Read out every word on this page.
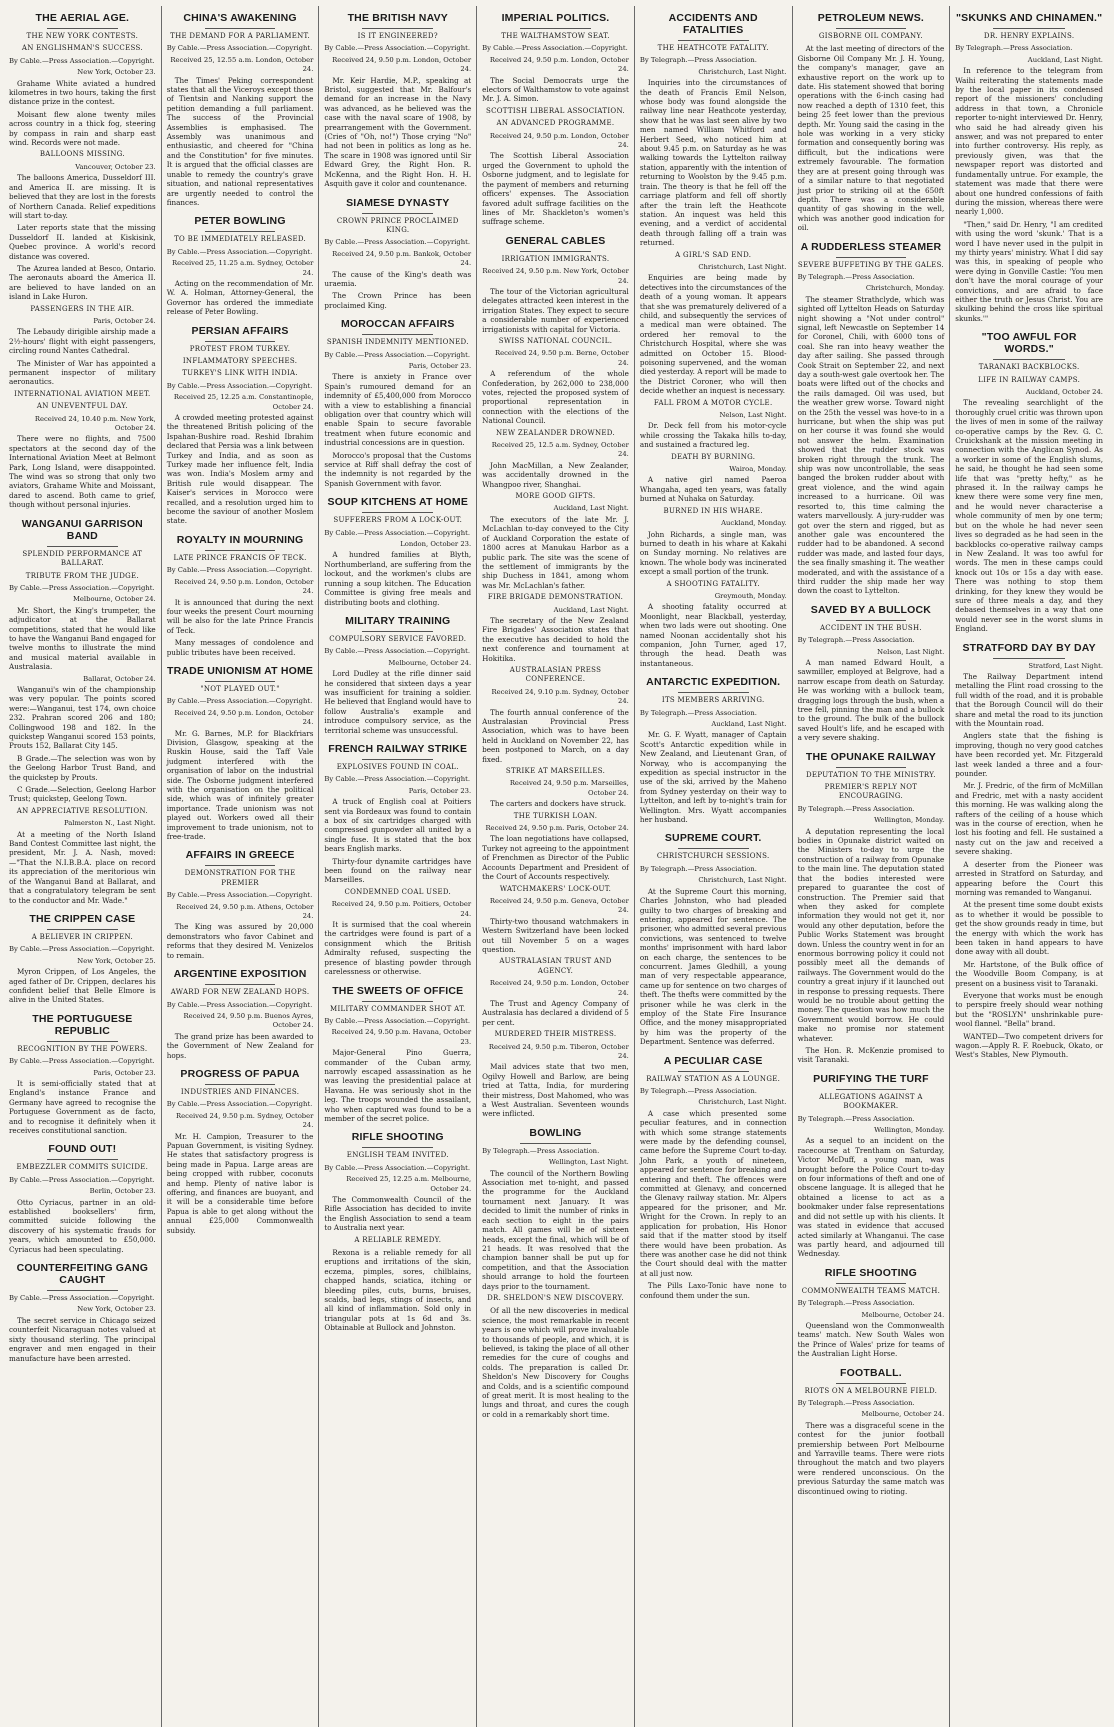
THE AERIAL AGE.
THE NEW YORK CONTESTS.
AN ENGLISHMAN'S SUCCESS.
By Cable.—Press Association.—Copyright.
New York, October 23.

Grahame White aviated a hundred kilometres in two hours, taking the first distance prize in the contest.

Moisant flew alone twenty miles across country in a thick fog, steering by compass in rain and sharp east wind. Records were not made.

BALLOONS MISSING.
Vancouver, October 23.

The balloons America, Dusseldorf III. and America II. are missing. It is believed that they are lost in the forests of Northern Canada. Relief expeditions will start to-day.

Later reports state that the missing Dusseldorf II. landed at Kiskisink, Quebec province. A world's record distance was covered.

The Azurea landed at Besco, Ontario. The aeronauts aboard the America II. are believed to have landed on an island in Lake Huron.

PASSENGERS IN THE AIR.
Paris, October 24.

The Lebaudy dirigible airship made a 2½-hours' flight with eight passengers, circling round Nantes Cathedral.

The Minister of War has appointed a permanent inspector of military aeronautics.

INTERNATIONAL AVIATION MEET.
AN UNEVENTFUL DAY.
Received 24, 10.40 p.m. New York, October 24.

There were no flights, and 7500 spectators at the second day of the International Aviation Meet at Belmont Park, Long Island, were disappointed. The wind was so strong that only two aviators, Grahame White and Moissant, dared to ascend. Both came to grief, though without personal injuries.

WANGANUI GARRISON BAND
SPLENDID PERFORMANCE AT BALLARAT.
TRIBUTE FROM THE JUDGE.
By Cable.—Press Association.—Copyright.
Melbourne, October 24.

Mr. Short, the King's trumpeter, the adjudicator at the Ballarat competitions, stated that he would like to have the Wanganui Band engaged for twelve months to illustrate the mind and musical material available in Australasia.

Ballarat, October 24.

Wanganui's win of the championship was very popular. The points scored were:—Wanganui, test 174, own choice 232. Prahran scored 206 and 180; Collingwood 198 and 182. In the quickstep Wanganui scored 153 points, Prouts 152, Ballarat City 145.

B Grade.—The selection was won by the Geelong Harbor Trust Band, and the quickstep by Prouts.

C Grade.—Selection, Geelong Harbor Trust; quickstep, Geelong Town.

AN APPRECIATIVE RESOLUTION.
Palmerston N., Last Night.

At a meeting of the North Island Band Contest Committee last night, the president, Mr. J. A. Nash, moved:—"That the N.I.B.B.A. place on record its appreciation of the meritorious win of the Wanganui Band at Ballarat, and that a congratulatory telegram be sent to the conductor and Mr. Wade."

THE CRIPPEN CASE
A BELIEVER IN CRIPPEN.
By Cable.—Press Association.—Copyright.
New York, October 25.

Myron Crippen, of Los Angeles, the aged father of Dr. Crippen, declares his confident belief that Belle Elmore is alive in the United States.

THE PORTUGUESE REPUBLIC
RECOGNITION BY THE POWERS.
By Cable.—Press Association.—Copyright.
Paris, October 23.

It is semi-officially stated that at England's instance France and Germany have agreed to recognise the Portuguese Government as de facto, and to recognise it definitely when it receives constitutional sanction.

FOUND OUT!
EMBEZZLER COMMITS SUICIDE.
By Cable.—Press Association.—Copyright.
Berlin, October 23.

Otto Cyriacus, partner in an old-established booksellers' firm, committed suicide following the discovery of his systematic frauds for years, which amounted to £50,000. Cyriacus had been speculating.

COUNTERFEITING GANG CAUGHT
By Cable.—Press Association.—Copyright.
New York, October 23.

The secret service in Chicago seized counterfeit Nicaraguan notes valued at sixty thousand sterling. The principal engraver and men engaged in their manufacture have been arrested.

CHINA'S AWAKENING
THE DEMAND FOR A PARLIAMENT.
By Cable.—Press Association.—Copyright.
Received 25, 12.55 a.m. London, October 24.

The Times' Peking correspondent states that all the Viceroys except those of Tientsin and Nanking support the petition demanding a full parliament. The success of the Provincial Assemblies is emphasised. The Assembly was unanimous and enthusiastic, and cheered for "China and the Constitution" for five minutes. It is argued that the official classes are unable to remedy the country's grave situation, and national representatives are urgently needed to control the finances.

PETER BOWLING
TO BE IMMEDIATELY RELEASED.
By Cable.—Press Association.—Copyright.
Received 25, 11.25 a.m. Sydney, October 24.

Acting on the recommendation of Mr. W. A. Holman, Attorney-General, the Governor has ordered the immediate release of Peter Bowling.

PERSIAN AFFAIRS
PROTEST FROM TURKEY.
INFLAMMATORY SPEECHES.
TURKEY'S LINK WITH INDIA.
By Cable.—Press Association.—Copyright.
Received 25, 12.25 a.m. Constantinople, October 24.

A crowded meeting protested against the threatened British policing of the Ispahan-Bushire road. Reshid Ibrahim declared that Persia was a link between Turkey and India, and as soon as Turkey made her influence felt, India was won. India's Moslem army and British rule would disappear. The Kaiser's services in Morocco were recalled, and a resolution urged him to become the saviour of another Moslem state.

ROYALTY IN MOURNING
LATE PRINCE FRANCIS OF TECK.
By Cable.—Press Association.—Copyright.
Received 24, 9.50 p.m. London, October 24.

It is announced that during the next four weeks the present Court mourning will be also for the late Prince Francis of Teck.

Many messages of condolence and public tributes have been received.

TRADE UNIONISM AT HOME
"NOT PLAYED OUT."
By Cable.—Press Association.—Copyright.
Received 24, 9.50 p.m. London, October 24.

Mr. G. Barnes, M.P. for Blackfriars Division, Glasgow, speaking at the Ruskin House, said the Taff Vale judgment interfered with the organisation of labor on the industrial side. The Osborne judgment interfered with the organisation on the political side, which was of infinitely greater importance. Trade unionism was not played out. Workers owed all their improvement to trade unionism, not to free-trade.

AFFAIRS IN GREECE
DEMONSTRATION FOR THE PREMIER
By Cable.—Press Association.—Copyright.
Received 24, 9.50 p.m. Athens, October 24.

The King was assured by 20,000 demonstrators who favor Cabinet and reforms that they desired M. Venizelos to remain.

ARGENTINE EXPOSITION
AWARD FOR NEW ZEALAND HOPS.
By Cable.—Press Association.—Copyright.
Received 24, 9.50 p.m. Buenos Ayres, October 24.

The grand prize has been awarded to the Government of New Zealand for hops.

PROGRESS OF PAPUA
INDUSTRIES AND FINANCES.
By Cable.—Press Association.—Copyright.
Received 24, 9.50 p.m. Sydney, October 24.

Mr. H. Campion, Treasurer to the Papuan Government, is visiting Sydney. He states that satisfactory progress is being made in Papua. Large areas are being cropped with rubber, coconuts and hemp. Plenty of native labor is offering, and finances are buoyant, and it will be a considerable time before Papua is able to get along without the annual £25,000 Commonwealth subsidy.

THE BRITISH NAVY
IS IT ENGINEERED?
By Cable.—Press Association.—Copyright.
Received 24, 9.50 p.m. London, October 24.

Mr. Keir Hardie, M.P., speaking at Bristol, suggested that Mr. Balfour's demand for an increase in the Navy was advanced, as he believed was the case with the naval scare of 1908, by prearrangement with the Government. (Cries of "Oh, no!") Those crying "No" had not been in politics as long as he. The scare in 1908 was ignored until Sir Edward Grey, the Right Hon. R. McKenna, and the Right Hon. H. H. Asquith gave it color and countenance.

SIAMESE DYNASTY
CROWN PRINCE PROCLAIMED KING.
By Cable.—Press Association.—Copyright.
Received 24, 9.50 p.m. Bankok, October 24.

The cause of the King's death was uraemia.

The Crown Prince has been proclaimed King.

MOROCCAN AFFAIRS
SPANISH INDEMNITY MENTIONED.
By Cable.—Press Association.—Copyright.
Paris, October 23.

There is anxiety in France over Spain's rumoured demand for an indemnity of £5,400,000 from Morocco with a view to establishing a financial obligation over that country which will enable Spain to secure favorable treatment when future economic and industrial concessions are in question.

Morocco's proposal that the Customs service at Riff shall defray the cost of the indemnity is not regarded by the Spanish Government with favor.

SOUP KITCHENS AT HOME
SUFFERERS FROM A LOCK-OUT.
By Cable.—Press Association.—Copyright.
London, October 23.

A hundred families at Blyth, Northumberland, are suffering from the lockout, and the workmen's clubs are running a soup kitchen. The Education Committee is giving free meals and distributing boots and clothing.

MILITARY TRAINING
COMPULSORY SERVICE FAVORED.
By Cable.—Press Association.—Copyright.
Melbourne, October 24.

Lord Dudley at the rifle dinner said he considered that sixteen days a year was insufficient for training a soldier. He believed that England would have to follow Australia's example and introduce compulsory service, as the territorial scheme was unsuccessful.

FRENCH RAILWAY STRIKE
EXPLOSIVES FOUND IN COAL.
By Cable.—Press Association.—Copyright.
Paris, October 23.

A truck of English coal at Poitiers sent via Bordeaux was found to contain a box of six cartridges charged with compressed gunpowder all united by a single fuse. It is stated that the box bears English marks.

Thirty-four dynamite cartridges have been found on the railway near Marseilles.

CONDEMNED COAL USED.
Received 24, 9.50 p.m. Poitiers, October 24.

It is surmised that the coal wherein the cartridges were found is part of a consignment which the British Admiralty refused, suspecting the presence of blasting powder through carelessness or otherwise.

THE SWEETS OF OFFICE
MILITARY COMMANDER SHOT AT.
By Cable.—Press Association.—Copyright.
Received 24, 9.50 p.m. Havana, October 23.

Major-General Pino Guerra, commander of the Cuban army, narrowly escaped assassination as he was leaving the presidential palace at Havana. He was seriously shot in the leg. The troops wounded the assailant, who when captured was found to be a member of the secret police.

RIFLE SHOOTING
ENGLISH TEAM INVITED.
By Cable.—Press Association.—Copyright.
Received 25, 12.25 a.m. Melbourne, October 24.

The Commonwealth Council of the Rifle Association has decided to invite the English Association to send a team to Australia next year.

A RELIABLE REMEDY.

Rexona is a reliable remedy for all eruptions and irritations of the skin, eczema, pimples, sores, chilblains, chapped hands, sciatica, itching or bleeding piles, cuts, burns, bruises, scalds, bad legs, stings of insects, and all kind of inflammation. Sold only in triangular pots at 1s 6d and 3s. Obtainable at Bullock and Johnston.

IMPERIAL POLITICS.
THE WALTHAMSTOW SEAT.
By Cable.—Press Association.—Copyright.
Received 24, 9.50 p.m. London, October 24.

The Social Democrats urge the electors of Walthamstow to vote against Mr. J. A. Simon.

SCOTTISH LIBERAL ASSOCIATION.
AN ADVANCED PROGRAMME.
Received 24, 9.50 p.m. London, October 24.

The Scottish Liberal Association urged the Government to uphold the Osborne judgment, and to legislate for the payment of members and returning officers' expenses. The Association favored adult suffrage facilities on the lines of Mr. Shackleton's women's suffrage scheme.

GENERAL CABLES
IRRIGATION IMMIGRANTS.
Received 24, 9.50 p.m. New York, October 24.

The tour of the Victorian agricultural delegates attracted keen interest in the irrigation States. They expect to secure a considerable number of experienced irrigationists with capital for Victoria.

SWISS NATIONAL COUNCIL.
Received 24, 9.50 p.m. Berne, October 24.

A referendum of the whole Confederation, by 262,000 to 238,000 votes, rejected the proposed system of proportional representation in connection with the elections of the National Council.

NEW ZEALANDER DROWNED.
Received 25, 12.5 a.m. Sydney, October 24.

John MacMillan, a New Zealander, was accidentally drowned in the Whangpoo river, Shanghai.

MORE GOOD GIFTS.
Auckland, Last Night.

The executors of the late Mr. J. McLachlan to-day conveyed to the City of Auckland Corporation the estate of 1800 acres at Manukau Harbor as a public park. The site was the scene of the settlement of immigrants by the ship Duchess in 1841, among whom was Mr. McLachlan's father.

FIRE BRIGADE DEMONSTRATION.
Auckland, Last Night.

The secretary of the New Zealand Fire Brigades' Association states that the executive has decided to hold the next conference and tournament at Hokitika.

AUSTRALASIAN PRESS CONFERENCE.
Received 24, 9.10 p.m. Sydney, October 24.

The fourth annual conference of the Australasian Provincial Press Association, which was to have been held in Auckland on November 22, has been postponed to March, on a day fixed.

STRIKE AT MARSEILLES.
Received 24, 9.50 p.m. Marseilles, October 24.

The carters and dockers have struck.

THE TURKISH LOAN.
Received 24, 9.50 p.m. Paris, October 24.

The loan negotiations have collapsed, Turkey not agreeing to the appointment of Frenchmen as Director of the Public Accounts Department and President of the Court of Accounts respectively.

WATCHMAKERS' LOCK-OUT.
Received 24, 9.50 p.m. Geneva, October 24.

Thirty-two thousand watchmakers in Western Switzerland have been locked out till November 5 on a wages question.

AUSTRALASIAN TRUST AND AGENCY.
Received 24, 9.50 p.m. London, October 24.

The Trust and Agency Company of Australasia has declared a dividend of 5 per cent.

MURDERED THEIR MISTRESS.
Received 24, 9.50 p.m. Tiberon, October 24.

Mail advices state that two men, Ogilvy Howell and Barlow, are being tried at Tatta, India, for murdering their mistress, Dost Mahomed, who was a West Australian. Seventeen wounds were inflicted.

BOWLING
By Telegraph.—Press Association.
Wellington, Last Night.

The council of the Northern Bowling Association met to-night, and passed the programme for the Auckland tournament next January. It was decided to limit the number of rinks in each section to eight in the pairs match. All games will be of sixteen heads, except the final, which will be of 21 heads. It was resolved that the champion banner shall be put up for competition, and that the Association should arrange to hold the fourteen days prior to the tournament.

DR. SHELDON'S NEW DISCOVERY.

Of all the new discoveries in medical science, the most remarkable in recent years is one which will prove invaluable to thousands of people, and which, it is believed, is taking the place of all other remedies for the cure of coughs and colds. The preparation is called Dr. Sheldon's New Discovery for Coughs and Colds, and is a scientific compound of great merit. It is most healing to the lungs and throat, and cures the cough or cold in a remarkably short time.

ACCIDENTS AND FATALITIES
THE HEATHCOTE FATALITY.
By Telegraph.—Press Association.
Christchurch, Last Night.

Inquiries into the circumstances of the death of Francis Emil Nelson, whose body was found alongside the railway line near Heathcote yesterday, show that he was last seen alive by two men named William Whitford and Herbert Seed, who noticed him at about 9.45 p.m. on Saturday as he was walking towards the Lyttelton railway station, apparently with the intention of returning to Woolston by the 9.45 p.m. train. The theory is that he fell off the carriage platform and fell off shortly after the train left the Heathcote station. An inquest was held this evening, and a verdict of accidental death through falling off a train was returned.

A GIRL'S SAD END.
Christchurch, Last Night.

Enquiries are being made by detectives into the circumstances of the death of a young woman. It appears that she was prematurely delivered of a child, and subsequently the services of a medical man were obtained. The ordered her removal to the Christchurch Hospital, where she was admitted on October 15. Blood-poisoning supervened, and the woman died yesterday. A report will be made to the District Coroner, who will then decide whether an inquest is necessary.

FALL FROM A MOTOR CYCLE.
Nelson, Last Night.

Dr. Deck fell from his motor-cycle while crossing the Takaka hills to-day, and sustained a fractured leg.

DEATH BY BURNING.
Wairoa, Monday.

A native girl named Paeroa Whangaha, aged ten years, was fatally burned at Nuhaka on Saturday.

BURNED IN HIS WHARE.
Auckland, Monday.

John Richards, a single man, was burned to death in his whare at Kakahi on Sunday morning. No relatives are known. The whole body was incinerated except a small portion of the trunk.

A SHOOTING FATALITY.
Greymouth, Monday.

A shooting fatality occurred at Moonlight, near Blackball, yesterday, when two lads were out shooting. One named Noonan accidentally shot his companion, John Turner, aged 17, through the head. Death was instantaneous.

ANTARCTIC EXPEDITION.
ITS MEMBERS ARRIVING.
By Telegraph.—Press Association.
Auckland, Last Night.

Mr. G. F. Wyatt, manager of Captain Scott's Antarctic expedition while in New Zealand, and Lieutenant Gran, of Norway, who is accompanying the expedition as special instructor in the use of the ski, arrived by the Maheno from Sydney yesterday on their way to Lyttelton, and left by to-night's train for Wellington. Mrs. Wyatt accompanies her husband.

SUPREME COURT.
CHRISTCHURCH SESSIONS.
By Telegraph.—Press Association.
Christchurch, Last Night.

At the Supreme Court this morning, Charles Johnston, who had pleaded guilty to two charges of breaking and entering, appeared for sentence. The prisoner, who admitted several previous convictions, was sentenced to twelve months' imprisonment with hard labor on each charge, the sentences to be concurrent. James Gledhill, a young man of very respectable appearance, came up for sentence on two charges of theft. The thefts were committed by the prisoner while he was clerk in the employ of the State Fire Insurance Office, and the money misappropriated by him was the property of the Department. Sentence was deferred.

A PECULIAR CASE
RAILWAY STATION AS A LOUNGE.
By Telegraph.—Press Association.
Christchurch, Last Night.

A case which presented some peculiar features, and in connection with which some strange statements were made by the defending counsel, came before the Supreme Court to-day. John Park, a youth of nineteen, appeared for sentence for breaking and entering and theft. The offences were committed at Glenavy, and concerned the Glenavy railway station. Mr. Alpers appeared for the prisoner, and Mr. Wright for the Crown. In reply to an application for probation, His Honor said that if the matter stood by itself there would have been probation. As there was another case he did not think the Court should deal with the matter at all just now.

The Pills Laxo-Tonic have none to confound them under the sun.

PETROLEUM NEWS.
GISBORNE OIL COMPANY.

At the last meeting of directors of the Gisborne Oil Company Mr. J. H. Young, the company's manager, gave an exhaustive report on the work up to date. His statement showed that boring operations with the 6-inch casing had now reached a depth of 1310 feet, this being 25 feet lower than the previous depth. Mr. Young said the casing in the hole was working in a very sticky formation and consequently boring was difficult, but the indications were extremely favourable. The formation they are at present going through was of a similar nature to that negotiated just prior to striking oil at the 650ft depth. There was a considerable quantity of gas showing in the well, which was another good indication for oil.

A RUDDERLESS STEAMER
SEVERE BUFFETING BY THE GALES.
By Telegraph.—Press Association.
Christchurch, Monday.

The steamer Strathclyde, which was sighted off Lyttelton Heads on Saturday night showing a "Not under control" signal, left Newcastle on September 14 for Coronel, Chili, with 6000 tons of coal. She ran into heavy weather the day after sailing. She passed through Cook Strait on September 22, and next day a south-west gale overtook her. The boats were lifted out of the chocks and the rails damaged. Oil was used, but the weather grew worse. Toward night on the 25th the vessel was hove-to in a hurricane, but when the ship was put on her course it was found she would not answer the helm. Examination showed that the rudder stock was broken right through the trunk. The ship was now uncontrollable, the seas banged the broken rudder about with great violence, and the wind again increased to a hurricane. Oil was resorted to, this time calming the waters marvellously. A jury-rudder was got over the stern and rigged, but as another gale was encountered the rudder had to be abandoned. A second rudder was made, and lasted four days, the sea finally smashing it. The weather moderated, and with the assistance of a third rudder the ship made her way down the coast to Lyttelton.

SAVED BY A BULLOCK
ACCIDENT IN THE BUSH.
By Telegraph.—Press Association.
Nelson, Last Night.

A man named Edward Hoult, a sawmiller, employed at Belgrove, had a narrow escape from death on Saturday. He was working with a bullock team, dragging logs through the bush, when a tree fell, pinning the man and a bullock to the ground. The bulk of the bullock saved Hoult's life, and he escaped with a very severe shaking.

THE OPUNAKE RAILWAY
DEPUTATION TO THE MINISTRY.
PREMIER'S REPLY NOT ENCOURAGING.
By Telegraph.—Press Association.
Wellington, Monday.

A deputation representing the local bodies in Opunake district waited on the Ministers to-day to urge the construction of a railway from Opunake to the main line. The deputation stated that the bodies interested were prepared to guarantee the cost of construction. The Premier said that when they asked for complete information they would not get it, nor would any other deputation, before the Public Works Statement was brought down. Unless the country went in for an enormous borrowing policy it could not possibly meet all the demands of railways. The Government would do the country a great injury if it launched out in response to pressing requests. There would be no trouble about getting the money. The question was how much the Government would borrow. He could make no promise nor statement whatever.

The Hon. R. McKenzie promised to visit Taranaki.

PURIFYING THE TURF
ALLEGATIONS AGAINST A BOOKMAKER.
By Telegraph.—Press Association.
Wellington, Monday.

As a sequel to an incident on the racecourse at Trentham on Saturday, Victor McDuff, a young man, was brought before the Police Court to-day on four informations of theft and one of obscene language. It is alleged that he obtained a license to act as a bookmaker under false representations and did not settle up with his clients. It was stated in evidence that accused acted similarly at Whanganui. The case was partly heard, and adjourned till Wednesday.

RIFLE SHOOTING
COMMONWEALTH TEAMS MATCH.
By Telegraph.—Press Association.
Melbourne, October 24.

Queensland won the Commonwealth teams' match. New South Wales won the Prince of Wales' prize for teams of the Australian Light Horse.

FOOTBALL.
RIOTS ON A MELBOURNE FIELD.
By Telegraph.—Press Association.
Melbourne, October 24.

There was a disgraceful scene in the contest for the junior football premiership between Port Melbourne and Yarraville teams. There were riots throughout the match and two players were rendered unconscious. On the previous Saturday the same match was discontinued owing to rioting.

"SKUNKS AND CHINAMEN."
DR. HENRY EXPLAINS.
By Telegraph.—Press Association.
Auckland, Last Night.

In reference to the telegram from Waihi reiterating the statements made by the local paper in its condensed report of the missioners' concluding address in that town, a Chronicle reporter to-night interviewed Dr. Henry, who said he had already given his answer, and was not prepared to enter into further controversy. His reply, as previously given, was that the newspaper report was distorted and fundamentally untrue. For example, the statement was made that there were about one hundred confessions of faith during the mission, whereas there were nearly 1,000.

"Then," said Dr. Henry, "I am credited with using the word 'skunk.' That is a word I have never used in the pulpit in my thirty years' ministry. What I did say was this, in speaking of people who were dying in Gonville Castle: 'You men don't have the moral courage of your convictions, and are afraid to face either the truth or Jesus Christ. You are skulking behind the cross like spiritual skunks.'"

"TOO AWFUL FOR WORDS."
TARANAKI BACKBLOCKS.
LIFE IN RAILWAY CAMPS.
Auckland, October 24.

The revealing searchlight of the thoroughly cruel critic was thrown upon the lives of men in some of the railway co-operative camps by the Rev. G. C. Cruickshank at the mission meeting in connection with the Anglican Synod. As a worker in some of the English slums, he said, he thought he had seen some life that was "pretty hefty," as he phrased it. In the railway camps he knew there were some very fine men, and he would never characterise a whole community of men by one term; but on the whole he had never seen lives so degraded as he had seen in the backblocks co-operative railway camps in New Zealand. It was too awful for words. The men in these camps could knock out 10s or 15s a day with ease. There was nothing to stop them drinking, for they knew they would be sure of three meals a day, and they debased themselves in a way that one would never see in the worst slums in England.

STRATFORD DAY BY DAY
Stratford, Last Night.

The Railway Department intend metalling the Flint road crossing to the full width of the road, and it is probable that the Borough Council will do their share and metal the road to its junction with the Mountain road.

Anglers state that the fishing is improving, though no very good catches have been recorded yet. Mr. Fitzgerald last week landed a three and a four-pounder.

Mr. J. Fredric, of the firm of McMillan and Fredric, met with a nasty accident this morning. He was walking along the rafters of the ceiling of a house which was in the course of erection, when he lost his footing and fell. He sustained a nasty cut on the jaw and received a severe shaking.

A deserter from the Pioneer was arrested in Stratford on Saturday, and appearing before the Court this morning was remanded to Wanganui.

At the present time some doubt exists as to whether it would be possible to get the show grounds ready in time, but the energy with which the work has been taken in hand appears to have done away with all doubt.

Mr. Hartstone, of the Bulk office of the Woodville Boom Company, is at present on a business visit to Taranaki.

Everyone that works must be enough to perspire freely should wear nothing but the "ROSLYN" unshrinkable pure-wool flannel. "Bella" brand.

WANTED—Two competent drivers for wagon.—Apply R. F. Roebuck, Okato, or West's Stables, New Plymouth.
